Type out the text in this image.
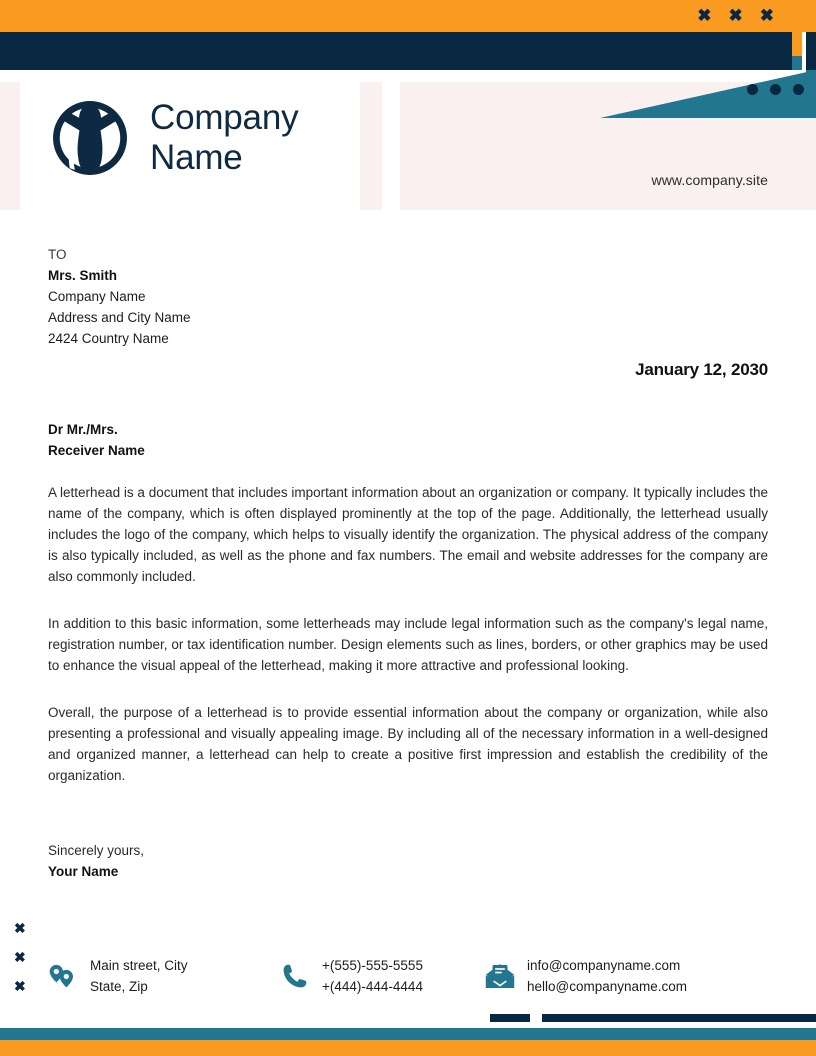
✖ ✖ ✖
Company
Name
www.company.site
TO
Mrs. Smith
Company Name
Address and City Name
2424 Country Name
January 12, 2030
Dr Mr./Mrs.
Receiver Name

A letterhead is a document that includes important information about an organization or company. It typically includes the name of the company, which is often displayed prominently at the top of the page. Additionally, the letterhead usually includes the logo of the company, which helps to visually identify the organization. The physical address of the company is also typically included, as well as the phone and fax numbers. The email and website addresses for the company are also commonly included.

In addition to this basic information, some letterheads may include legal information such as the company's legal name, registration number, or tax identification number. Design elements such as lines, borders, or other graphics may be used to enhance the visual appeal of the letterhead, making it more attractive and professional looking.

Overall, the purpose of a letterhead is to provide essential information about the company or organization, while also presenting a professional and visually appealing image. By including all of the necessary information in a well-designed and organized manner, a letterhead can help to create a positive first impression and establish the credibility of the organization.

Sincerely yours,
Your Name
✖
✖
✖
Main street, City
State, Zip
+(555)-555-5555
+(444)-444-4444
info@companyname.com
hello@companyname.com
